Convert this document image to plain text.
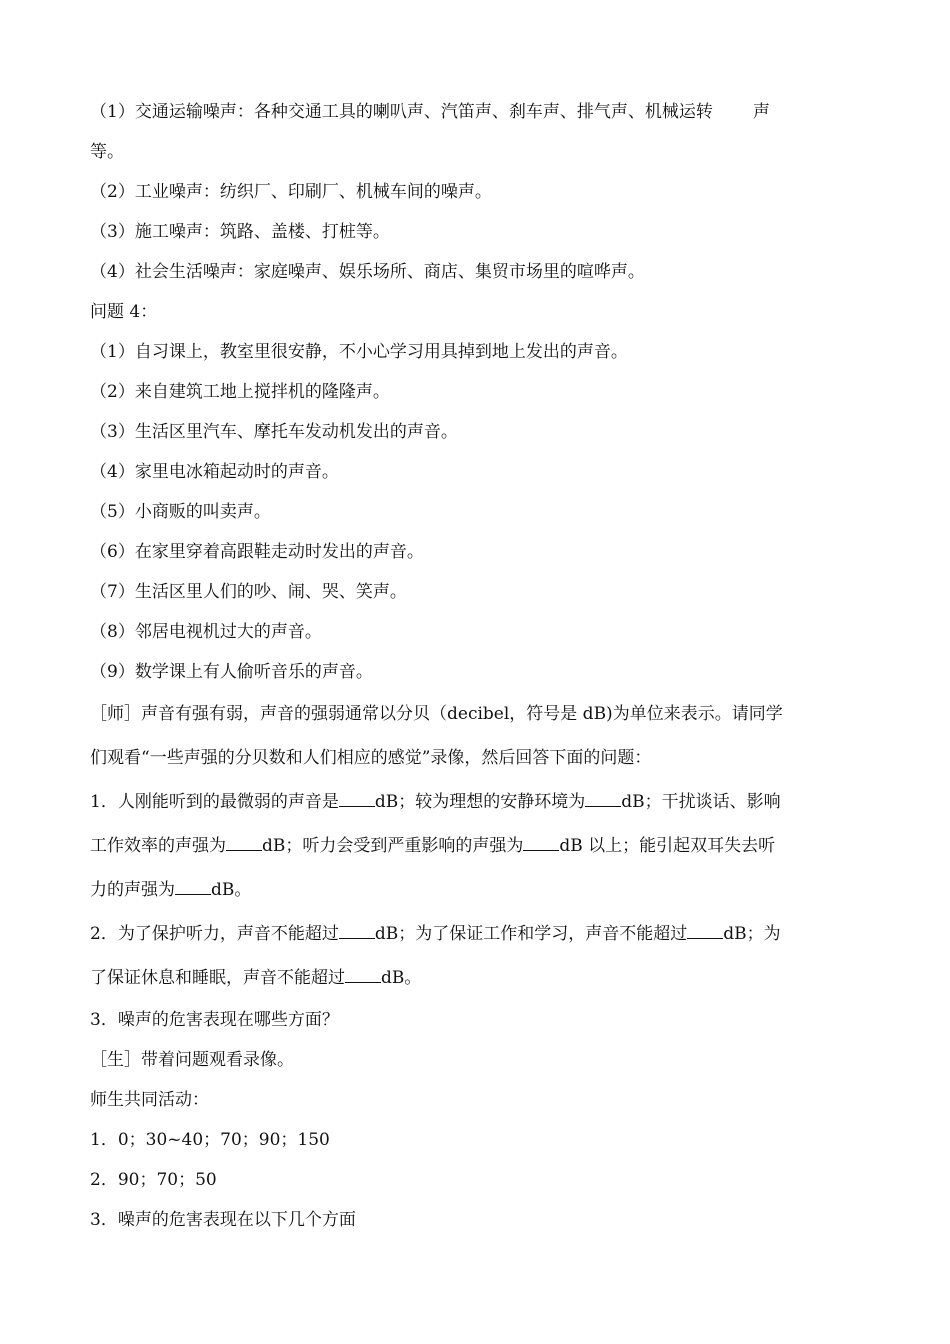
（1）交通运输噪声：各种交通工具的喇叭声、汽笛声、刹车声、排气声、机械运转 声
等。
（2）工业噪声：纺织厂、印刷厂、机械车间的噪声。
（3）施工噪声：筑路、盖楼、打桩等。
（4）社会生活噪声：家庭噪声、娱乐场所、商店、集贸市场里的喧哗声。
问题 4：
（1）自习课上，教室里很安静，不小心学习用具掉到地上发出的声音。
（2）来自建筑工地上搅拌机的隆隆声。
（3）生活区里汽车、摩托车发动机发出的声音。
（4）家里电冰箱起动时的声音。
（5）小商贩的叫卖声。
（6）在家里穿着高跟鞋走动时发出的声音。
（7）生活区里人们的吵、闹、哭、笑声。
（8）邻居电视机过大的声音。
（9）数学课上有人偷听音乐的声音。
［师］声音有强有弱，声音的强弱通常以分贝（decibel，符号是 dB)为单位来表示。请同学
们观看“一些声强的分贝数和人们相应的感觉”录像，然后回答下面的问题：
1．人刚能听到的最微弱的声音是 dB；较为理想的安静环境为 dB；干扰谈话、影响
工作效率的声强为 dB；听力会受到严重影响的声强为 dB 以上；能引起双耳失去听
力的声强为 dB。
2．为了保护听力，声音不能超过 dB；为了保证工作和学习，声音不能超过 dB；为
了保证休息和睡眠，声音不能超过 dB。
3．噪声的危害表现在哪些方面？
［生］带着问题观看录像。
师生共同活动：
1．0；30~40；70；90；150
2．90；70；50
3．噪声的危害表现在以下几个方面
